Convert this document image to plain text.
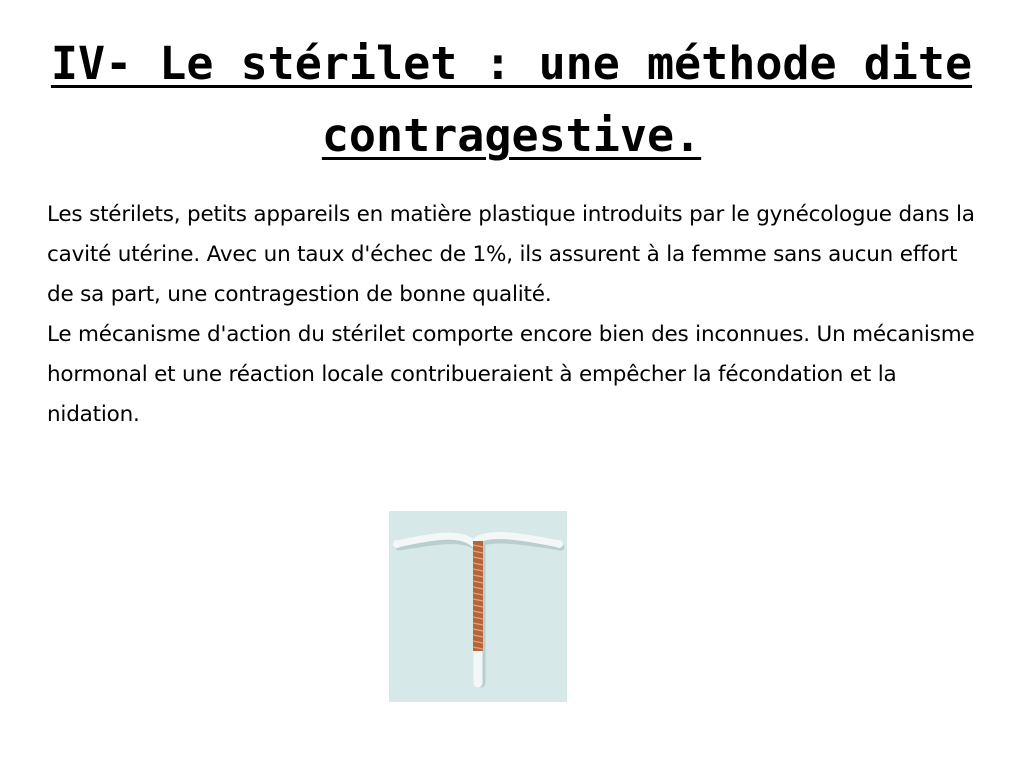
IV- Le stérilet : une méthode dite contragestive.

Les stérilets, petits appareils en matière plastique introduits par le gynécologue dans la cavité utérine. Avec un taux d'échec de 1%, ils assurent à la femme sans aucun effort de sa part, une contragestion de bonne qualité.

Le mécanisme d'action du stérilet comporte encore bien des inconnues. Un mécanisme hormonal et une réaction locale contribueraient à empêcher la fécondation et la nidation.
